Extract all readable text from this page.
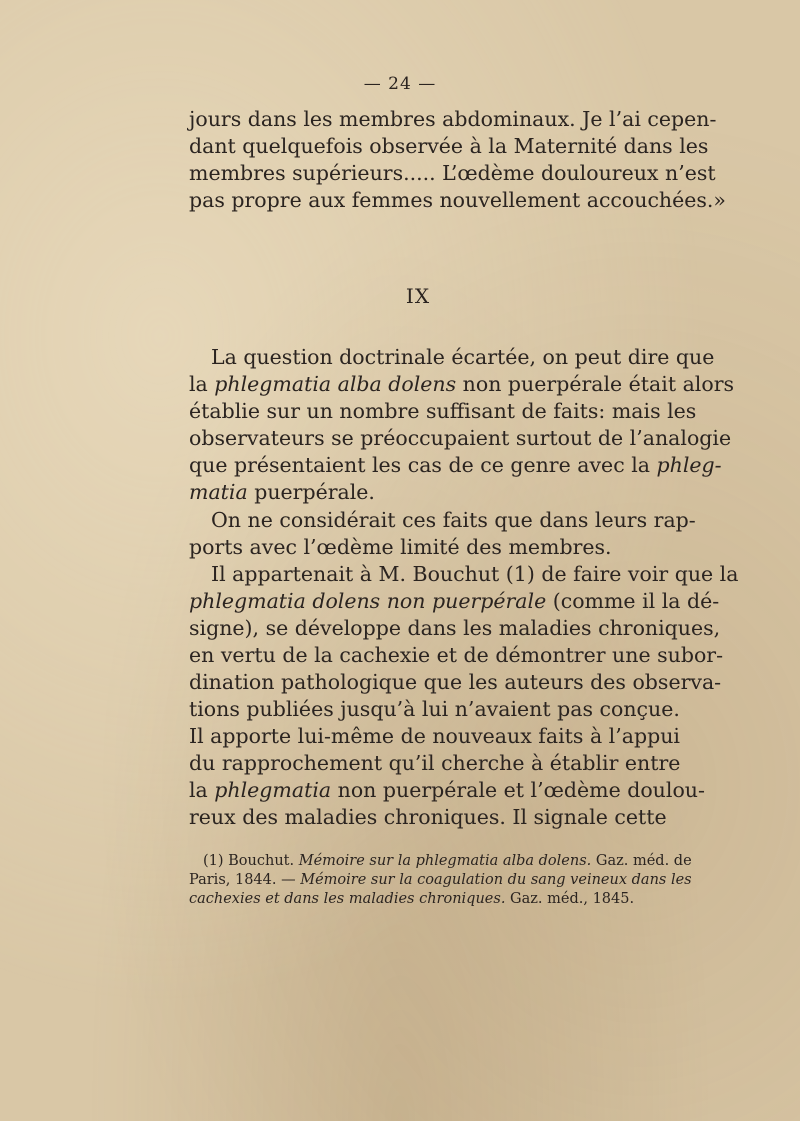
— 24 —
jours dans les membres abdominaux. Je l’ai cepen-
dant quelquefois observée à la Maternité dans les
membres supérieurs..... L’œdème douloureux n’est
pas propre aux femmes nouvellement accouchées.»
IX
La question doctrinale écartée, on peut dire que
la phlegmatia alba dolens non puerpérale était alors
établie sur un nombre suffisant de faits: mais les
observateurs se préoccupaient surtout de l’analogie
que présentaient les cas de ce genre avec la phleg-
matia puerpérale.
On ne considérait ces faits que dans leurs rap-
ports avec l’œdème limité des membres.
Il appartenait à M. Bouchut (1) de faire voir que la
phlegmatia dolens non puerpérale (comme il la dé-
signe), se développe dans les maladies chroniques,
en vertu de la cachexie et de démontrer une subor-
dination pathologique que les auteurs des observa-
tions publiées jusqu’à lui n’avaient pas conçue.
Il apporte lui-même de nouveaux faits à l’appui
du rapprochement qu’il cherche à établir entre
la phlegmatia non puerpérale et l’œdème doulou-
reux des maladies chroniques. Il signale cette
(1) Bouchut. Mémoire sur la phlegmatia alba dolens. Gaz. méd. de
Paris, 1844. — Mémoire sur la coagulation du sang veineux dans les
cachexies et dans les maladies chroniques. Gaz. méd., 1845.
